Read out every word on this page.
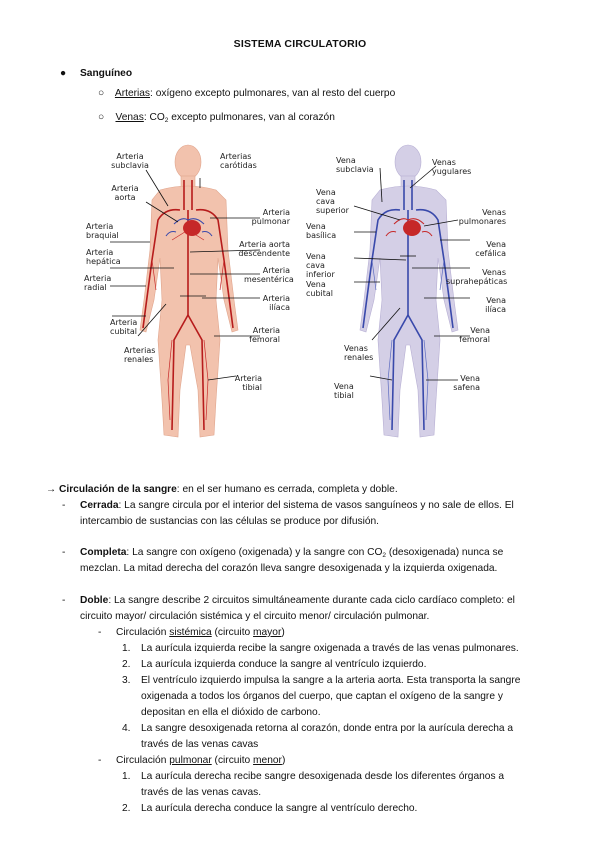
SISTEMA CIRCULATORIO
● Sanguíneo
○ Arterias: oxígeno excepto pulmonares, van al resto del cuerpo
○ Venas: $CO_2$ excepto pulmonares, van al corazón
Arteria subclavia
Arteria aorta
Arteria braquial
Arteria hepática
Arteria radial
Arteria cubital
Arterias renales
Arterias carótidas
Arteria pulmonar
Arteria aorta descendente
Arteria mesentérica
Arteria ilíaca
Arteria femoral
Arteria tibial
Vena subclavia
Vena cava superior
Vena basílica
Vena cava inferior
Vena cubital
Venas renales
Vena tibial
Venas yugulares
Venas pulmonares
Vena cefálica
Venas suprahepáticas
Vena ilíaca
Vena femoral
Vena safena
→ Circulación de la sangre: en el ser humano es cerrada, completa y doble.
- Cerrada: La sangre circula por el interior del sistema de vasos sanguíneos y no sale de ellos. El
intercambio de sustancias con las células se produce por difusión.
- Completa: La sangre con oxígeno (oxigenada) y la sangre con $CO_2$ (desoxigenada) nunca se
mezclan. La mitad derecha del corazón lleva sangre desoxigenada y la izquierda oxigenada.
- Doble: La sangre describe 2 circuitos simultáneamente durante cada ciclo cardíaco completo: el
circuito mayor/ circulación sistémica y el circuito menor/ circulación pulmonar.
- Circulación sistémica (circuito mayor)
1. La aurícula izquierda recibe la sangre oxigenada a través de las venas pulmonares.
2. La aurícula izquierda conduce la sangre al ventrículo izquierdo.
3. El ventrículo izquierdo impulsa la sangre a la arteria aorta. Esta transporta la sangre
oxigenada a todos los órganos del cuerpo, que captan el oxígeno de la sangre y
depositan en ella el dióxido de carbono.
4. La sangre desoxigenada retorna al corazón, donde entra por la aurícula derecha a
través de las venas cavas
- Circulación pulmonar (circuito menor)
1. La aurícula derecha recibe sangre desoxigenada desde los diferentes órganos a
través de las venas cavas.
2. La aurícula derecha conduce la sangre al ventrículo derecho.
